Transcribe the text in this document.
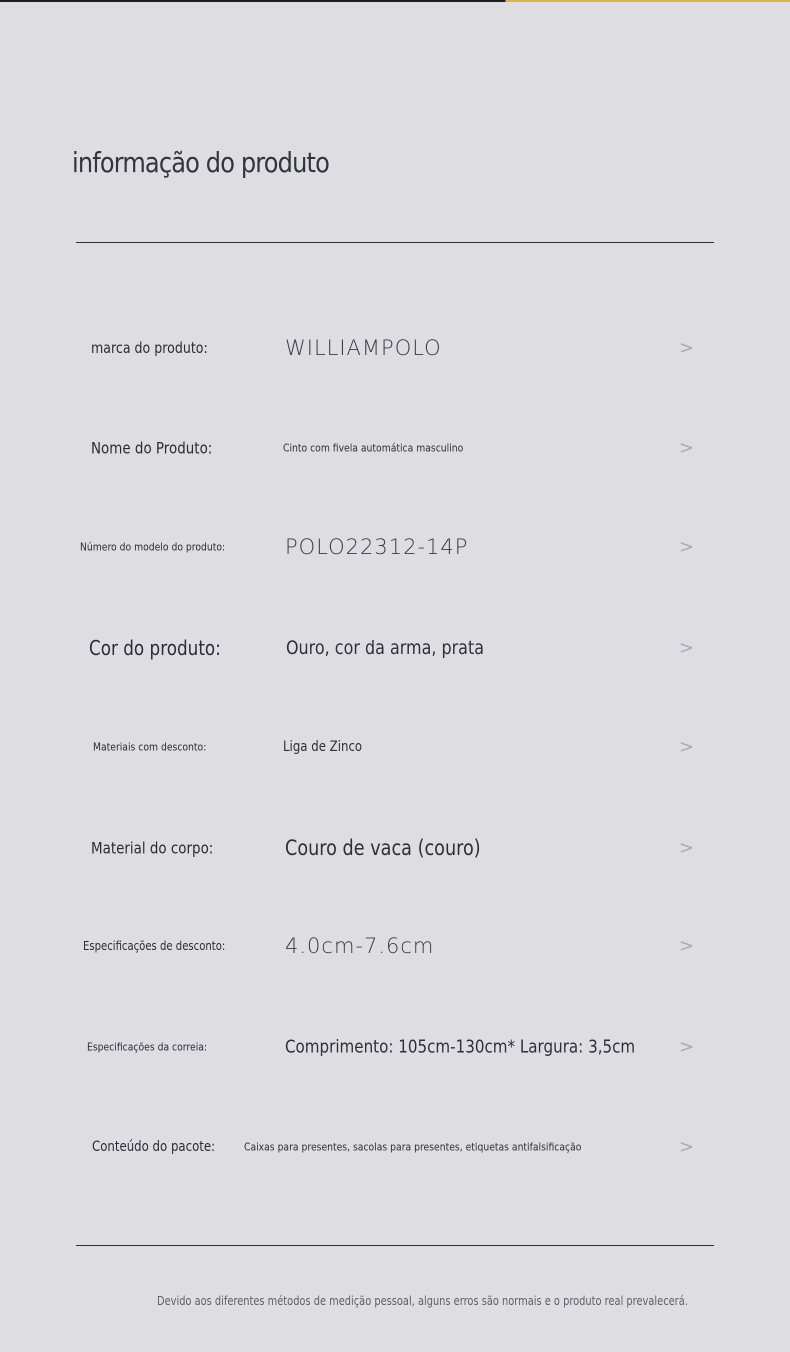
informação do produto
marca do produto:	WILLIAMPOLO	>
Nome do Produto:	Cinto com fivela automática masculino	>
Número do modelo do produto:	POLO22312-14P	>
Cor do produto:	Ouro, cor da arma, prata	>
Materiais com desconto:	Liga de Zinco	>
Material do corpo:	Couro de vaca (couro)	>
Especificações de desconto:	4.0cm-7.6cm	>
Especificações da correia:	Comprimento: 105cm-130cm* Largura: 3,5cm >
Conteúdo do pacote:	Caixas para presentes, sacolas para presentes, etiquetas antifalsificação	>
Devido aos diferentes métodos de medição pessoal, alguns erros são normais e o produto real prevalecerá.
